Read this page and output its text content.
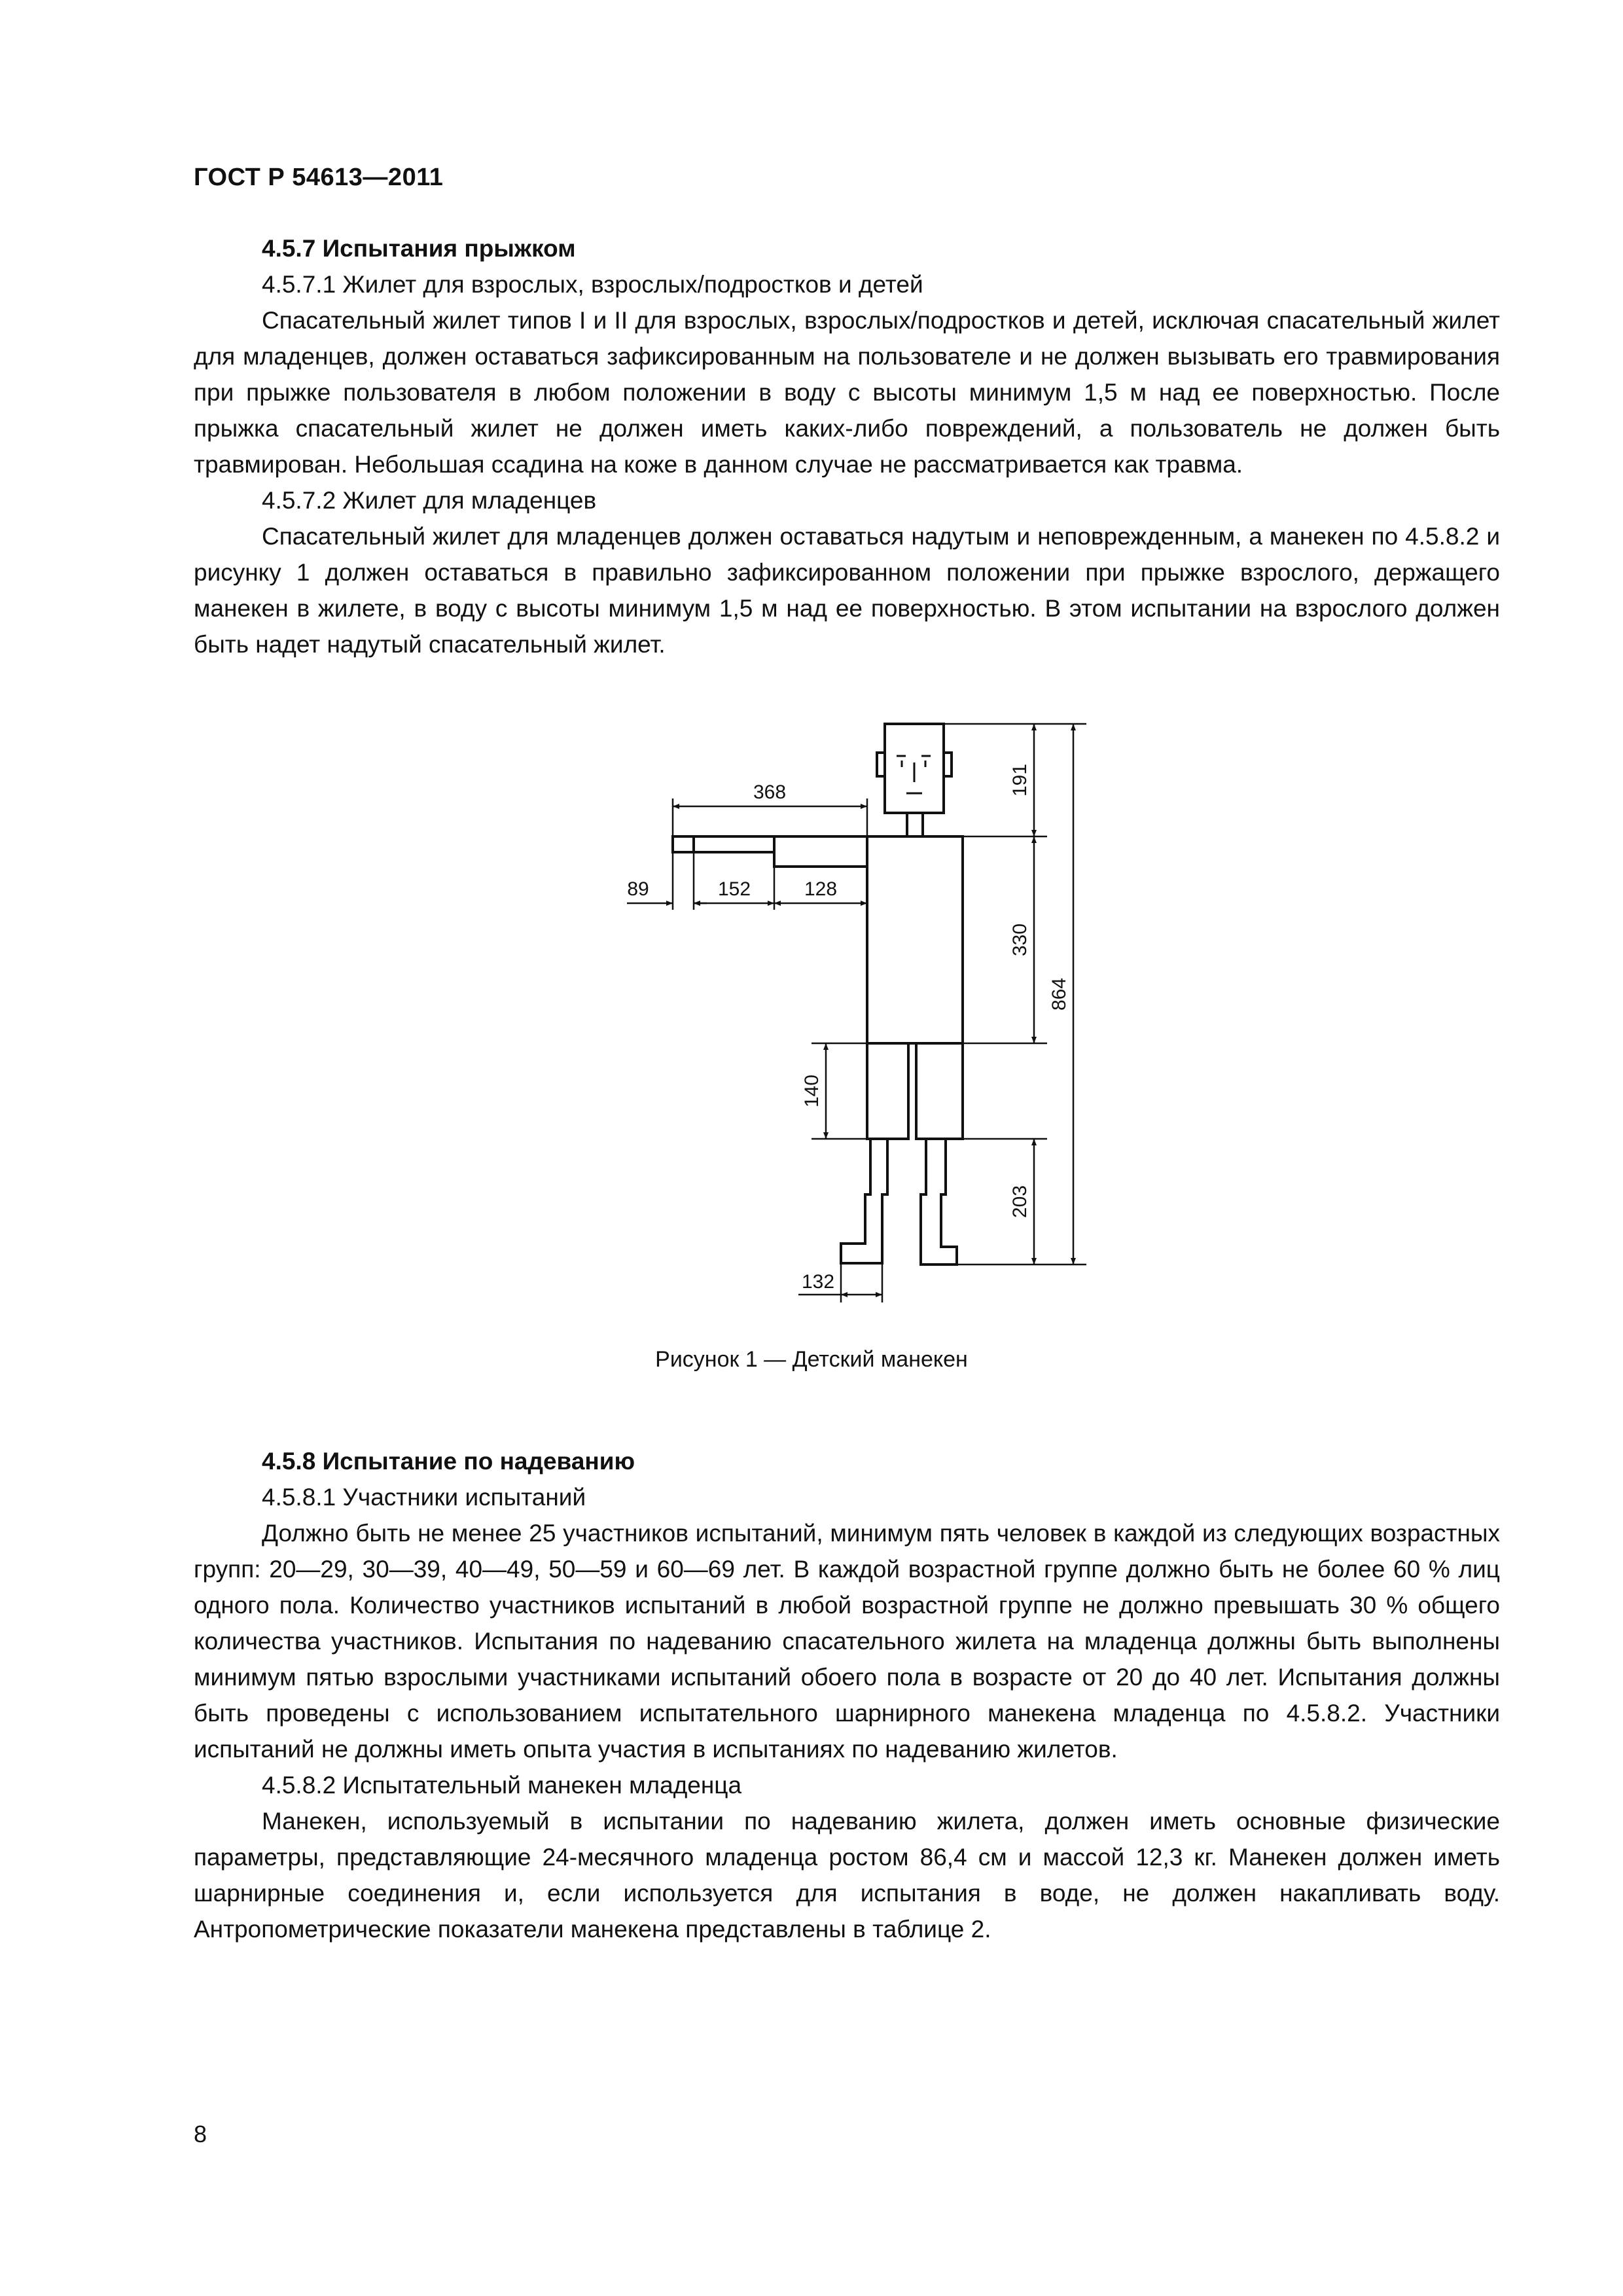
ГОСТ Р 54613—2011

4.5.7 Испытания прыжком

4.5.7.1 Жилет для взрослых, взрослых/подростков и детей

Спасательный жилет типов I и II для взрослых, взрослых/подростков и детей, исключая спасательный жилет для младенцев, должен оставаться зафиксированным на пользователе и не должен вызывать его травмирования при прыжке пользователя в любом положении в воду с высоты минимум 1,5 м над ее поверхностью. После прыжка спасательный жилет не должен иметь каких-либо повреждений, а пользователь не должен быть травмирован. Небольшая ссадина на коже в данном случае не рассматривается как травма.

4.5.7.2 Жилет для младенцев

Спасательный жилет для младенцев должен оставаться надутым и неповрежденным, а манекен по 4.5.8.2 и рисунку 1 должен оставаться в правильно зафиксированном положении при прыжке взрослого, держащего манекен в жилете, в воду с высоты минимум 1,5 м над ее поверхностью. В этом испытании на взрослого должен быть надет надутый спасательный жилет.

368
89	152	128
191
330
864
140
203
132
Рисунок 1 — Детский манекен

4.5.8 Испытание по надеванию

4.5.8.1 Участники испытаний

Должно быть не менее 25 участников испытаний, минимум пять человек в каждой из следующих возрастных групп: 20—29, 30—39, 40—49, 50—59 и 60—69 лет. В каждой возрастной группе должно быть не более 60 % лиц одного пола. Количество участников испытаний в любой возрастной группе не должно превышать 30 % общего количества участников. Испытания по надеванию спасательного жилета на младенца должны быть выполнены минимум пятью взрослыми участниками испытаний обоего пола в возрасте от 20 до 40 лет. Испытания должны быть проведены с использованием испытательного шарнирного манекена младенца по 4.5.8.2. Участники испытаний не должны иметь опыта участия в испытаниях по надеванию жилетов.

4.5.8.2 Испытательный манекен младенца

Манекен, используемый в испытании по надеванию жилета, должен иметь основные физические параметры, представляющие 24-месячного младенца ростом 86,4 см и массой 12,3 кг. Манекен должен иметь шарнирные соединения и, если используется для испытания в воде, не должен накапливать воду. Антропометрические показатели манекена представлены в таблице 2.

8
